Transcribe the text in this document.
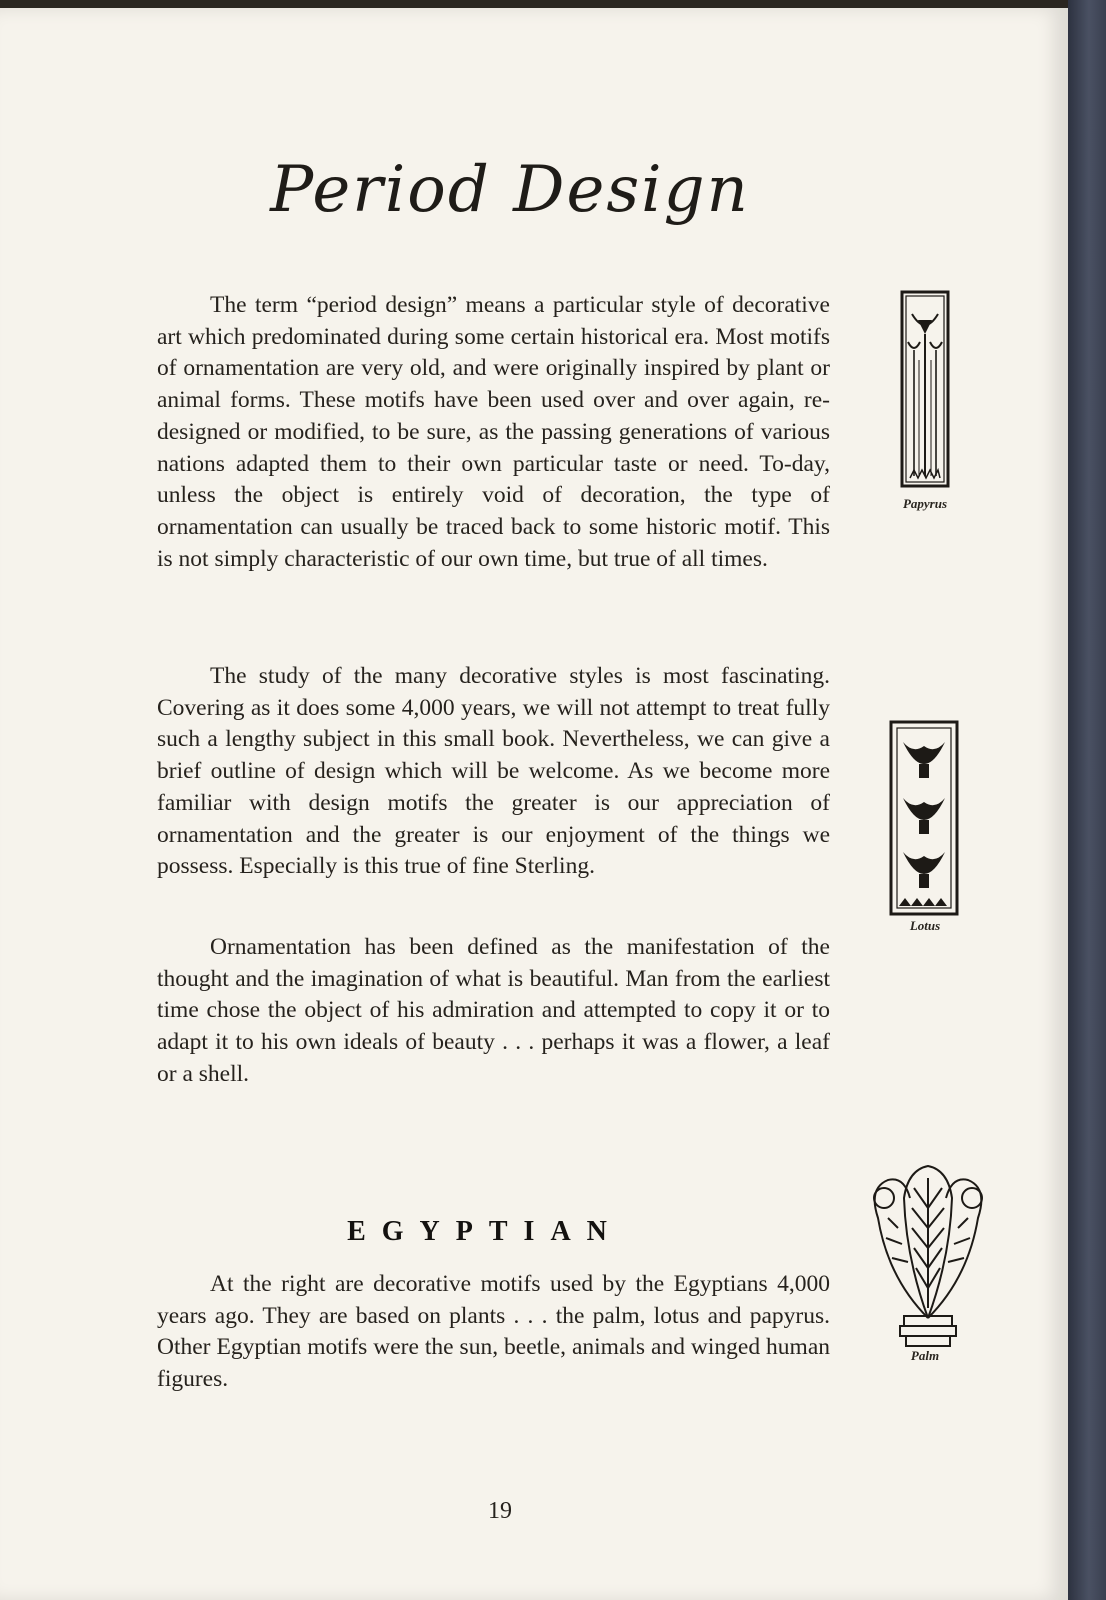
Period Design

The term “period design” means a particular style of decorative art which predominated during some certain historical era. Most motifs of ornamentation are very old, and were originally inspired by plant or animal forms. These motifs have been used over and over again, re-designed or modified, to be sure, as the passing generations of various nations adapted them to their own particular taste or need. To-day, unless the object is entirely void of decoration, the type of ornamentation can usually be traced back to some historic motif. This is not simply characteristic of our own time, but true of all times.

The study of the many decorative styles is most fascinating. Covering as it does some 4,000 years, we will not attempt to treat fully such a lengthy subject in this small book. Nevertheless, we can give a brief outline of design which will be welcome. As we become more familiar with design motifs the greater is our appreciation of ornamentation and the greater is our enjoyment of the things we possess. Especially is this true of fine Sterling.

Ornamentation has been defined as the manifestation of the thought and the imagination of what is beautiful. Man from the earliest time chose the object of his admiration and attempted to copy it or to adapt it to his own ideals of beauty . . . perhaps it was a flower, a leaf or a shell.

EGYPTIAN

At the right are decorative motifs used by the Egyptians 4,000 years ago. They are based on plants . . . the palm, lotus and papyrus. Other Egyptian motifs were the sun, beetle, animals and winged human figures.

19
Papyrus
Lotus
Palm
